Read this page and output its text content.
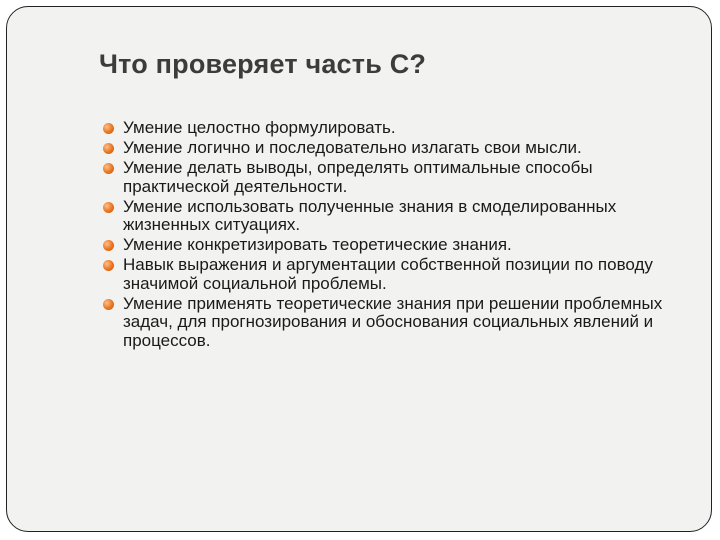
Что проверяет часть С?
Умение целостно формулировать.
Умение логично и последовательно излагать свои мысли.
Умение делать выводы, определять оптимальные способы практической деятельности.
Умение использовать полученные знания в смоделированных жизненных ситуациях.
Умение конкретизировать теоретические знания.
Навык выражения и аргументации собственной позиции по поводу значимой социальной проблемы.
Умение применять теоретические знания при решении проблемных задач, для прогнозирования и обоснования социальных явлений и процессов.
